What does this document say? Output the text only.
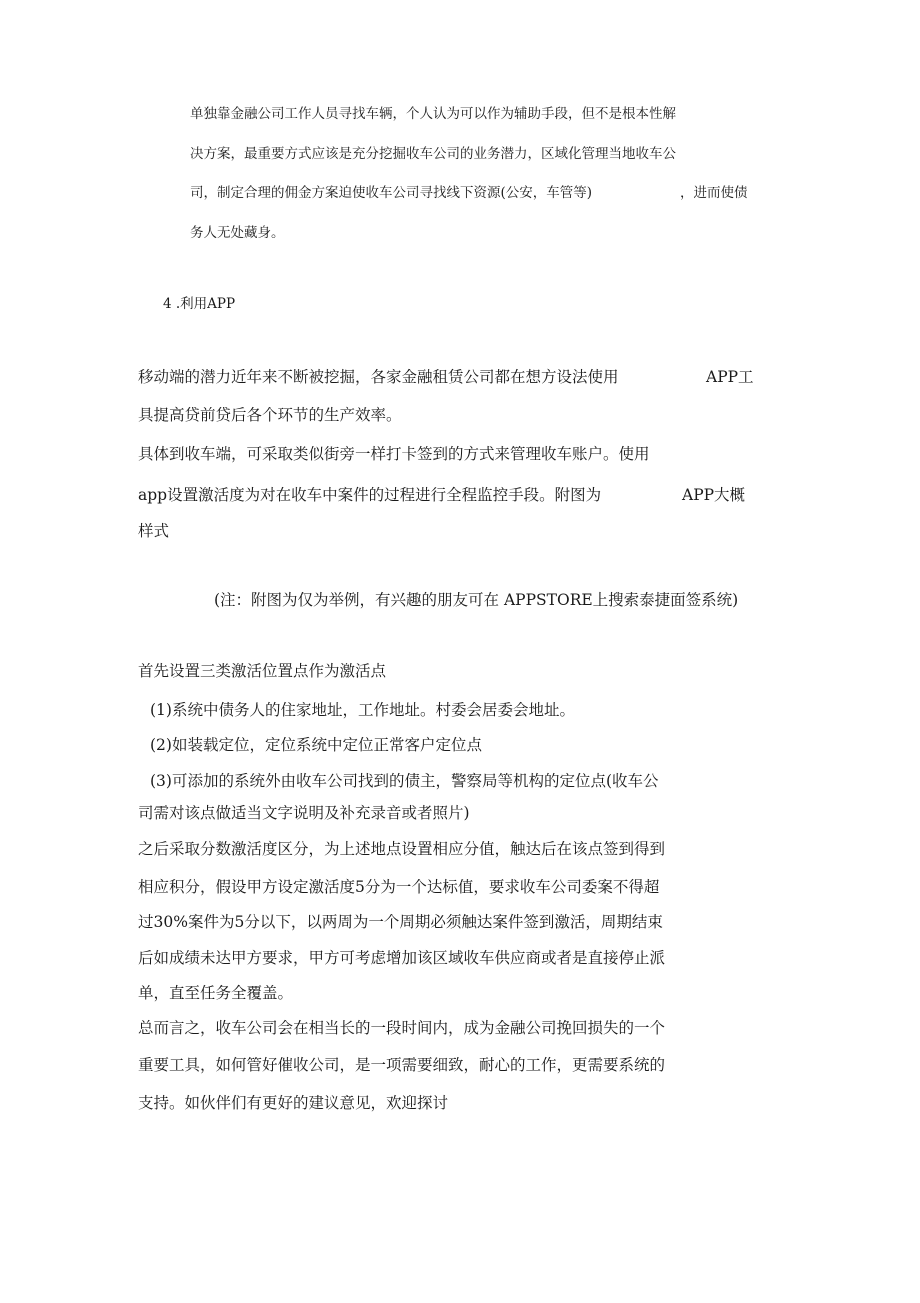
单独靠金融公司工作人员寻找车辆，个人认为可以作为辅助手段，但不是根本性解
决方案，最重要方式应该是充分挖掘收车公司的业务潜力，区域化管理当地收车公
司，制定合理的佣金方案迫使收车公司寻找线下资源(公安，车管等)	，进而使债
务人无处藏身。
4 .利用APP
移动端的潜力近年来不断被挖掘，各家金融租赁公司都在想方设法使用	APP工
具提高贷前贷后各个环节的生产效率。
具体到收车端，可采取类似街旁一样打卡签到的方式来管理收车账户。使用
app设置激活度为对在收车中案件的过程进行全程监控手段。附图为	APP大概
样式
(注：附图为仅为举例，有兴趣的朋友可在 APPSTORE上搜索泰捷面签系统)
首先设置三类激活位置点作为激活点
(1)系统中债务人的住家地址，工作地址。村委会居委会地址。
(2)如装载定位，定位系统中定位正常客户定位点
(3)可添加的系统外由收车公司找到的债主，警察局等机构的定位点(收车公
司需对该点做适当文字说明及补充录音或者照片)
之后采取分数激活度区分，为上述地点设置相应分值，触达后在该点签到得到
相应积分，假设甲方设定激活度5分为一个达标值，要求收车公司委案不得超
过30%案件为5分以下，以两周为一个周期必须触达案件签到激活，周期结束
后如成绩未达甲方要求，甲方可考虑增加该区域收车供应商或者是直接停止派
单，直至任务全覆盖。
总而言之，收车公司会在相当长的一段时间内，成为金融公司挽回损失的一个
重要工具，如何管好催收公司，是一项需要细致，耐心的工作，更需要系统的
支持。如伙伴们有更好的建议意见，欢迎探讨
